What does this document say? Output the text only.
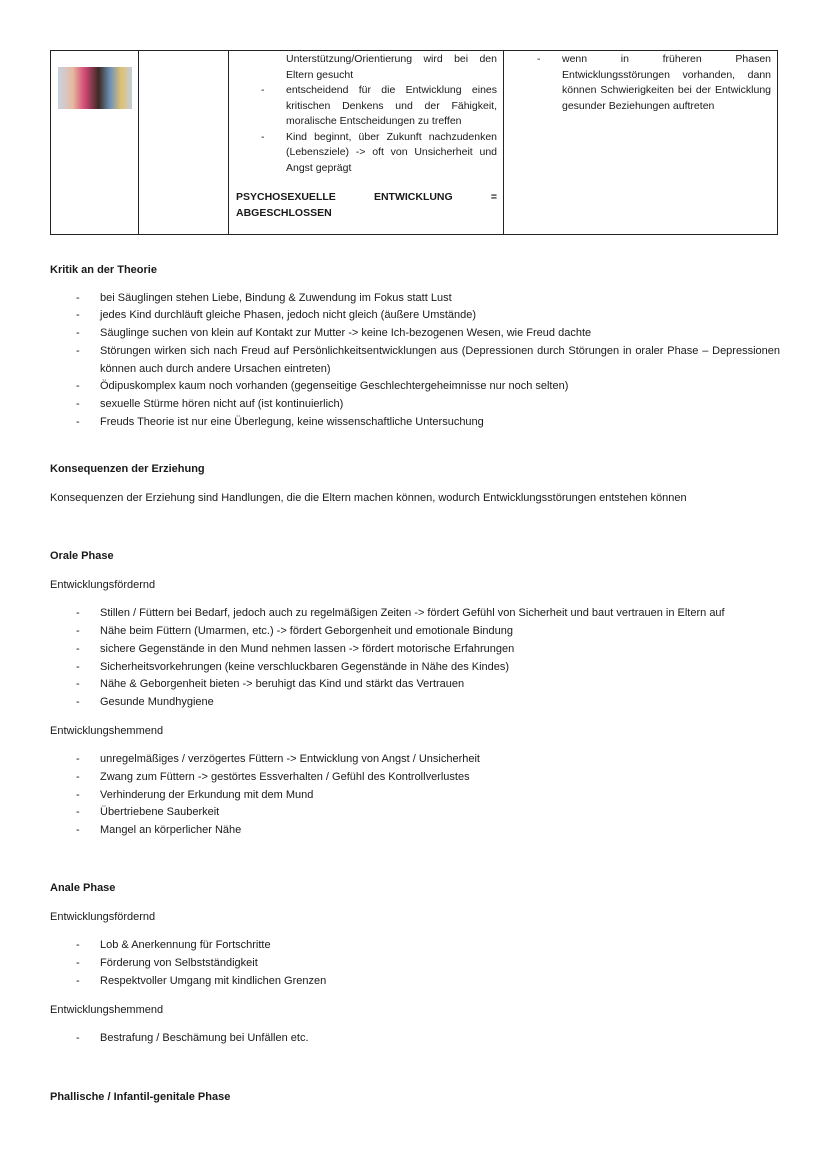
Unterstützung/Orientierung wird bei den Eltern gesucht
- entscheidend für die Entwicklung eines kritischen Denkens und der Fähigkeit, moralische Entscheidungen zu treffen
- Kind beginnt, über Zukunft nachzudenken (Lebensziele) -> oft von Unsicherheit und Angst geprägt
PSYCHOSEXUELLE ENTWICKLUNG = ABGESCHLOSSEN
- wenn in früheren Phasen Entwicklungsstörungen vorhanden, dann können Schwierigkeiten bei der Entwicklung gesunder Beziehungen auftreten
Kritik an der Theorie
- bei Säuglingen stehen Liebe, Bindung & Zuwendung im Fokus statt Lust
- jedes Kind durchläuft gleiche Phasen, jedoch nicht gleich (äußere Umstände)
- Säuglinge suchen von klein auf Kontakt zur Mutter -> keine Ich-bezogenen Wesen, wie Freud dachte
- Störungen wirken sich nach Freud auf Persönlichkeitsentwicklungen aus (Depressionen durch Störungen in oraler Phase – Depressionen können auch durch andere Ursachen eintreten)
- Ödipuskomplex kaum noch vorhanden (gegenseitige Geschlechtergeheimnisse nur noch selten)
- sexuelle Stürme hören nicht auf (ist kontinuierlich)
- Freuds Theorie ist nur eine Überlegung, keine wissenschaftliche Untersuchung
Konsequenzen der Erziehung
Konsequenzen der Erziehung sind Handlungen, die die Eltern machen können, wodurch Entwicklungsstörungen entstehen können
Orale Phase
Entwicklungsfördernd
- Stillen / Füttern bei Bedarf, jedoch auch zu regelmäßigen Zeiten -> fördert Gefühl von Sicherheit und baut vertrauen in Eltern auf
- Nähe beim Füttern (Umarmen, etc.) -> fördert Geborgenheit und emotionale Bindung
- sichere Gegenstände in den Mund nehmen lassen -> fördert motorische Erfahrungen
- Sicherheitsvorkehrungen (keine verschluckbaren Gegenstände in Nähe des Kindes)
- Nähe & Geborgenheit bieten -> beruhigt das Kind und stärkt das Vertrauen
- Gesunde Mundhygiene
Entwicklungshemmend
- unregelmäßiges / verzögertes Füttern -> Entwicklung von Angst / Unsicherheit
- Zwang zum Füttern -> gestörtes Essverhalten / Gefühl des Kontrollverlustes
- Verhinderung der Erkundung mit dem Mund
- Übertriebene Sauberkeit
- Mangel an körperlicher Nähe
Anale Phase
Entwicklungsfördernd
- Lob & Anerkennung für Fortschritte
- Förderung von Selbstständigkeit
- Respektvoller Umgang mit kindlichen Grenzen
Entwicklungshemmend
- Bestrafung / Beschämung bei Unfällen etc.
Phallische / Infantil-genitale Phase
